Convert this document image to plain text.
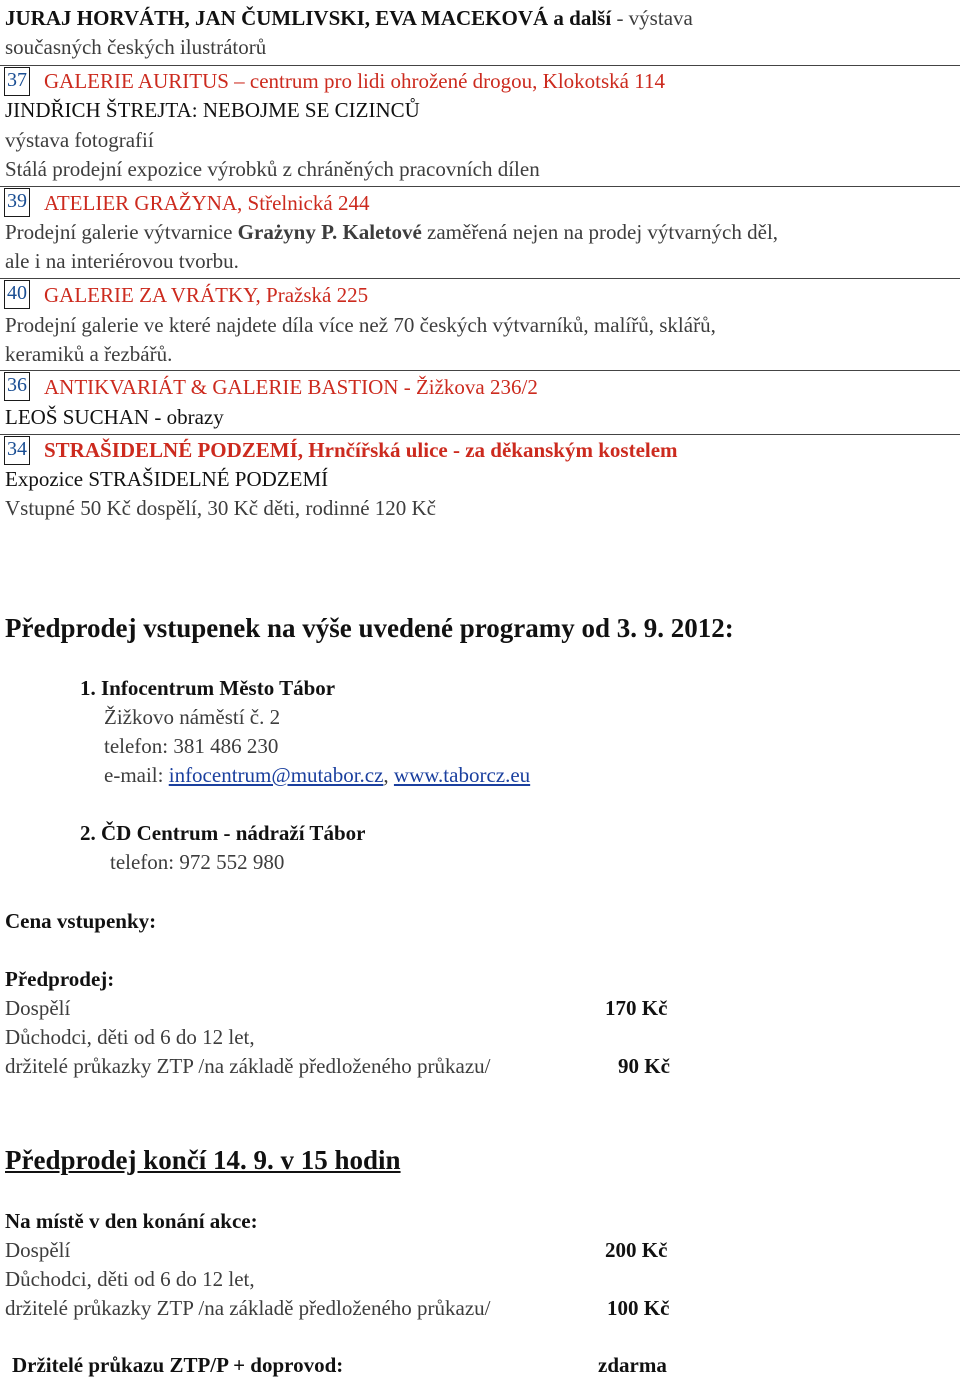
JURAJ HORVÁTH, JAN ČUMLIVSKI, EVA MACEKOVÁ a další - výstava
současných českých ilustrátorů
37 GALERIE AURITUS – centrum pro lidi ohrožené drogou, Klokotská 114
JINDŘICH ŠTREJTA: NEBOJME SE CIZINCŮ
výstava fotografií
Stálá prodejní expozice výrobků z chráněných pracovních dílen
39 ATELIER GRAŽYNA, Střelnická 244
Prodejní galerie výtvarnice Grażyny P. Kaletové zaměřená nejen na prodej výtvarných děl,
ale i na interiérovou tvorbu.
40 GALERIE ZA VRÁTKY, Pražská 225
Prodejní galerie ve které najdete díla více než 70 českých výtvarníků, malířů, sklářů,
keramiků a řezbářů.
36 ANTIKVARIÁT & GALERIE BASTION - Žižkova 236/2
LEOŠ SUCHAN - obrazy
34 STRAŠIDELNÉ PODZEMÍ, Hrnčířská ulice - za děkanským kostelem
Expozice STRAŠIDELNÉ PODZEMÍ
Vstupné 50 Kč dospělí, 30 Kč děti, rodinné 120 Kč
Předprodej vstupenek na výše uvedené programy od 3. 9. 2012:
1. Infocentrum Město Tábor
Žižkovo náměstí č. 2
telefon: 381 486 230
e-mail: infocentrum@mutabor.cz, www.taborcz.eu
2. ČD Centrum - nádraží Tábor
telefon: 972 552 980
Cena vstupenky:
Předprodej:
Dospělí	170 Kč
Důchodci, děti od 6 do 12 let,
držitelé průkazky ZTP /na základě předloženého průkazu/	90 Kč
Předprodej končí 14. 9. v 15 hodin
Na místě v den konání akce:
Dospělí	200 Kč
Důchodci, děti od 6 do 12 let,
držitelé průkazky ZTP /na základě předloženého průkazu/	100 Kč
Držitelé průkazu ZTP/P + doprovod:	zdarma
